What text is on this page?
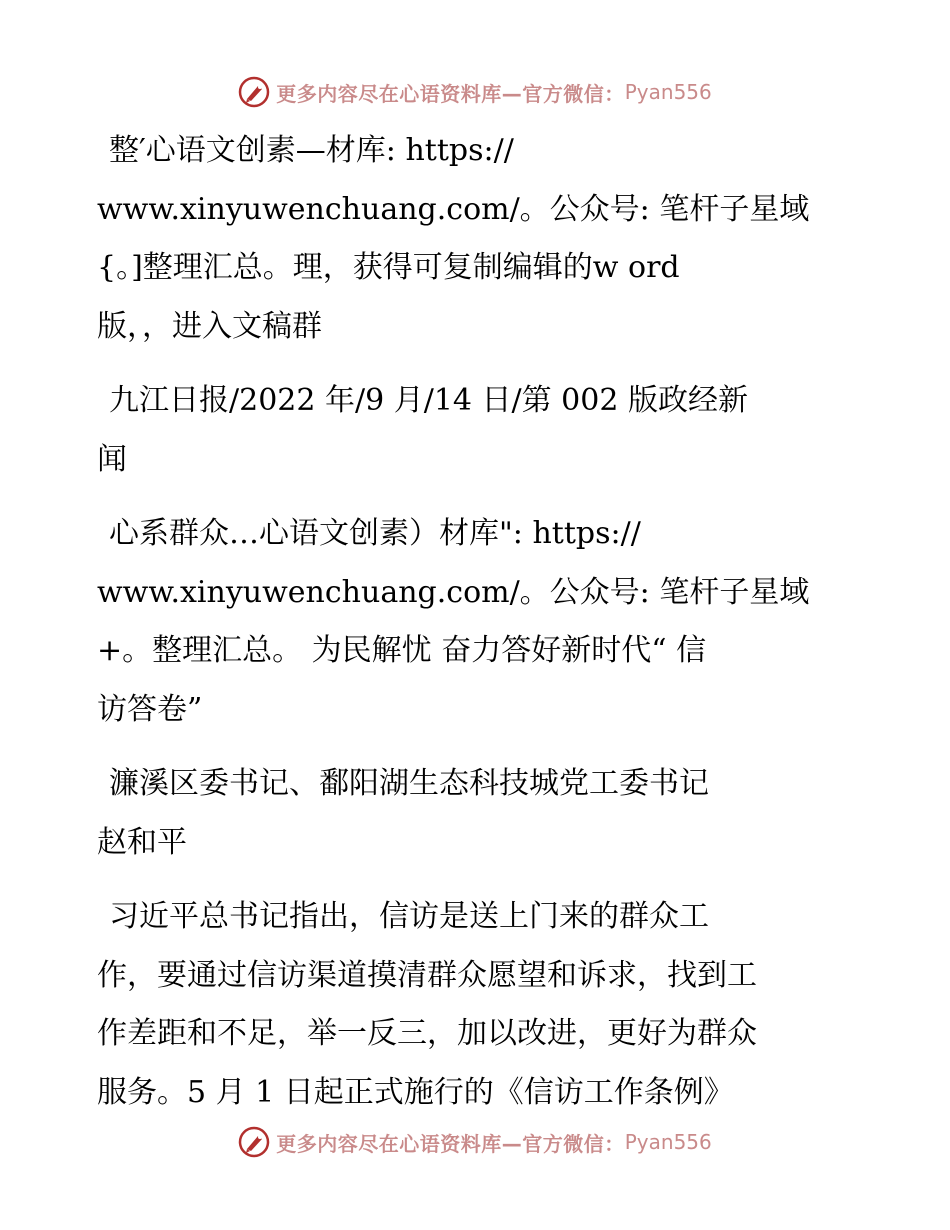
更多内容尽在心语资料库—官方微信： Pyan556

整′心语文创素—材库: https://
www.xinyuwenchuang.com/。公众号: 笔杆子星域
{。]整理汇总。理，获得可复制编辑的w ord
版，，进入文稿群

九江日报/2022 年/9 月/14 日/第 002 版政经新
闻

心系群众…心语文创素）材库": https://
www.xinyuwenchuang.com/。公众号: 笔杆子星域
+。整理汇总。 为民解忧 奋力答好新时代“ 信
访答卷”

濂溪区委书记、鄱阳湖生态科技城党工委书记
赵和平

习近平总书记指出，信访是送上门来的群众工
作，要通过信访渠道摸清群众愿望和诉求，找到工
作差距和不足，举一反三，加以改进，更好为群众
服务。5 月 1 日起正式施行的《信访工作条例》

更多内容尽在心语资料库—官方微信： Pyan556
